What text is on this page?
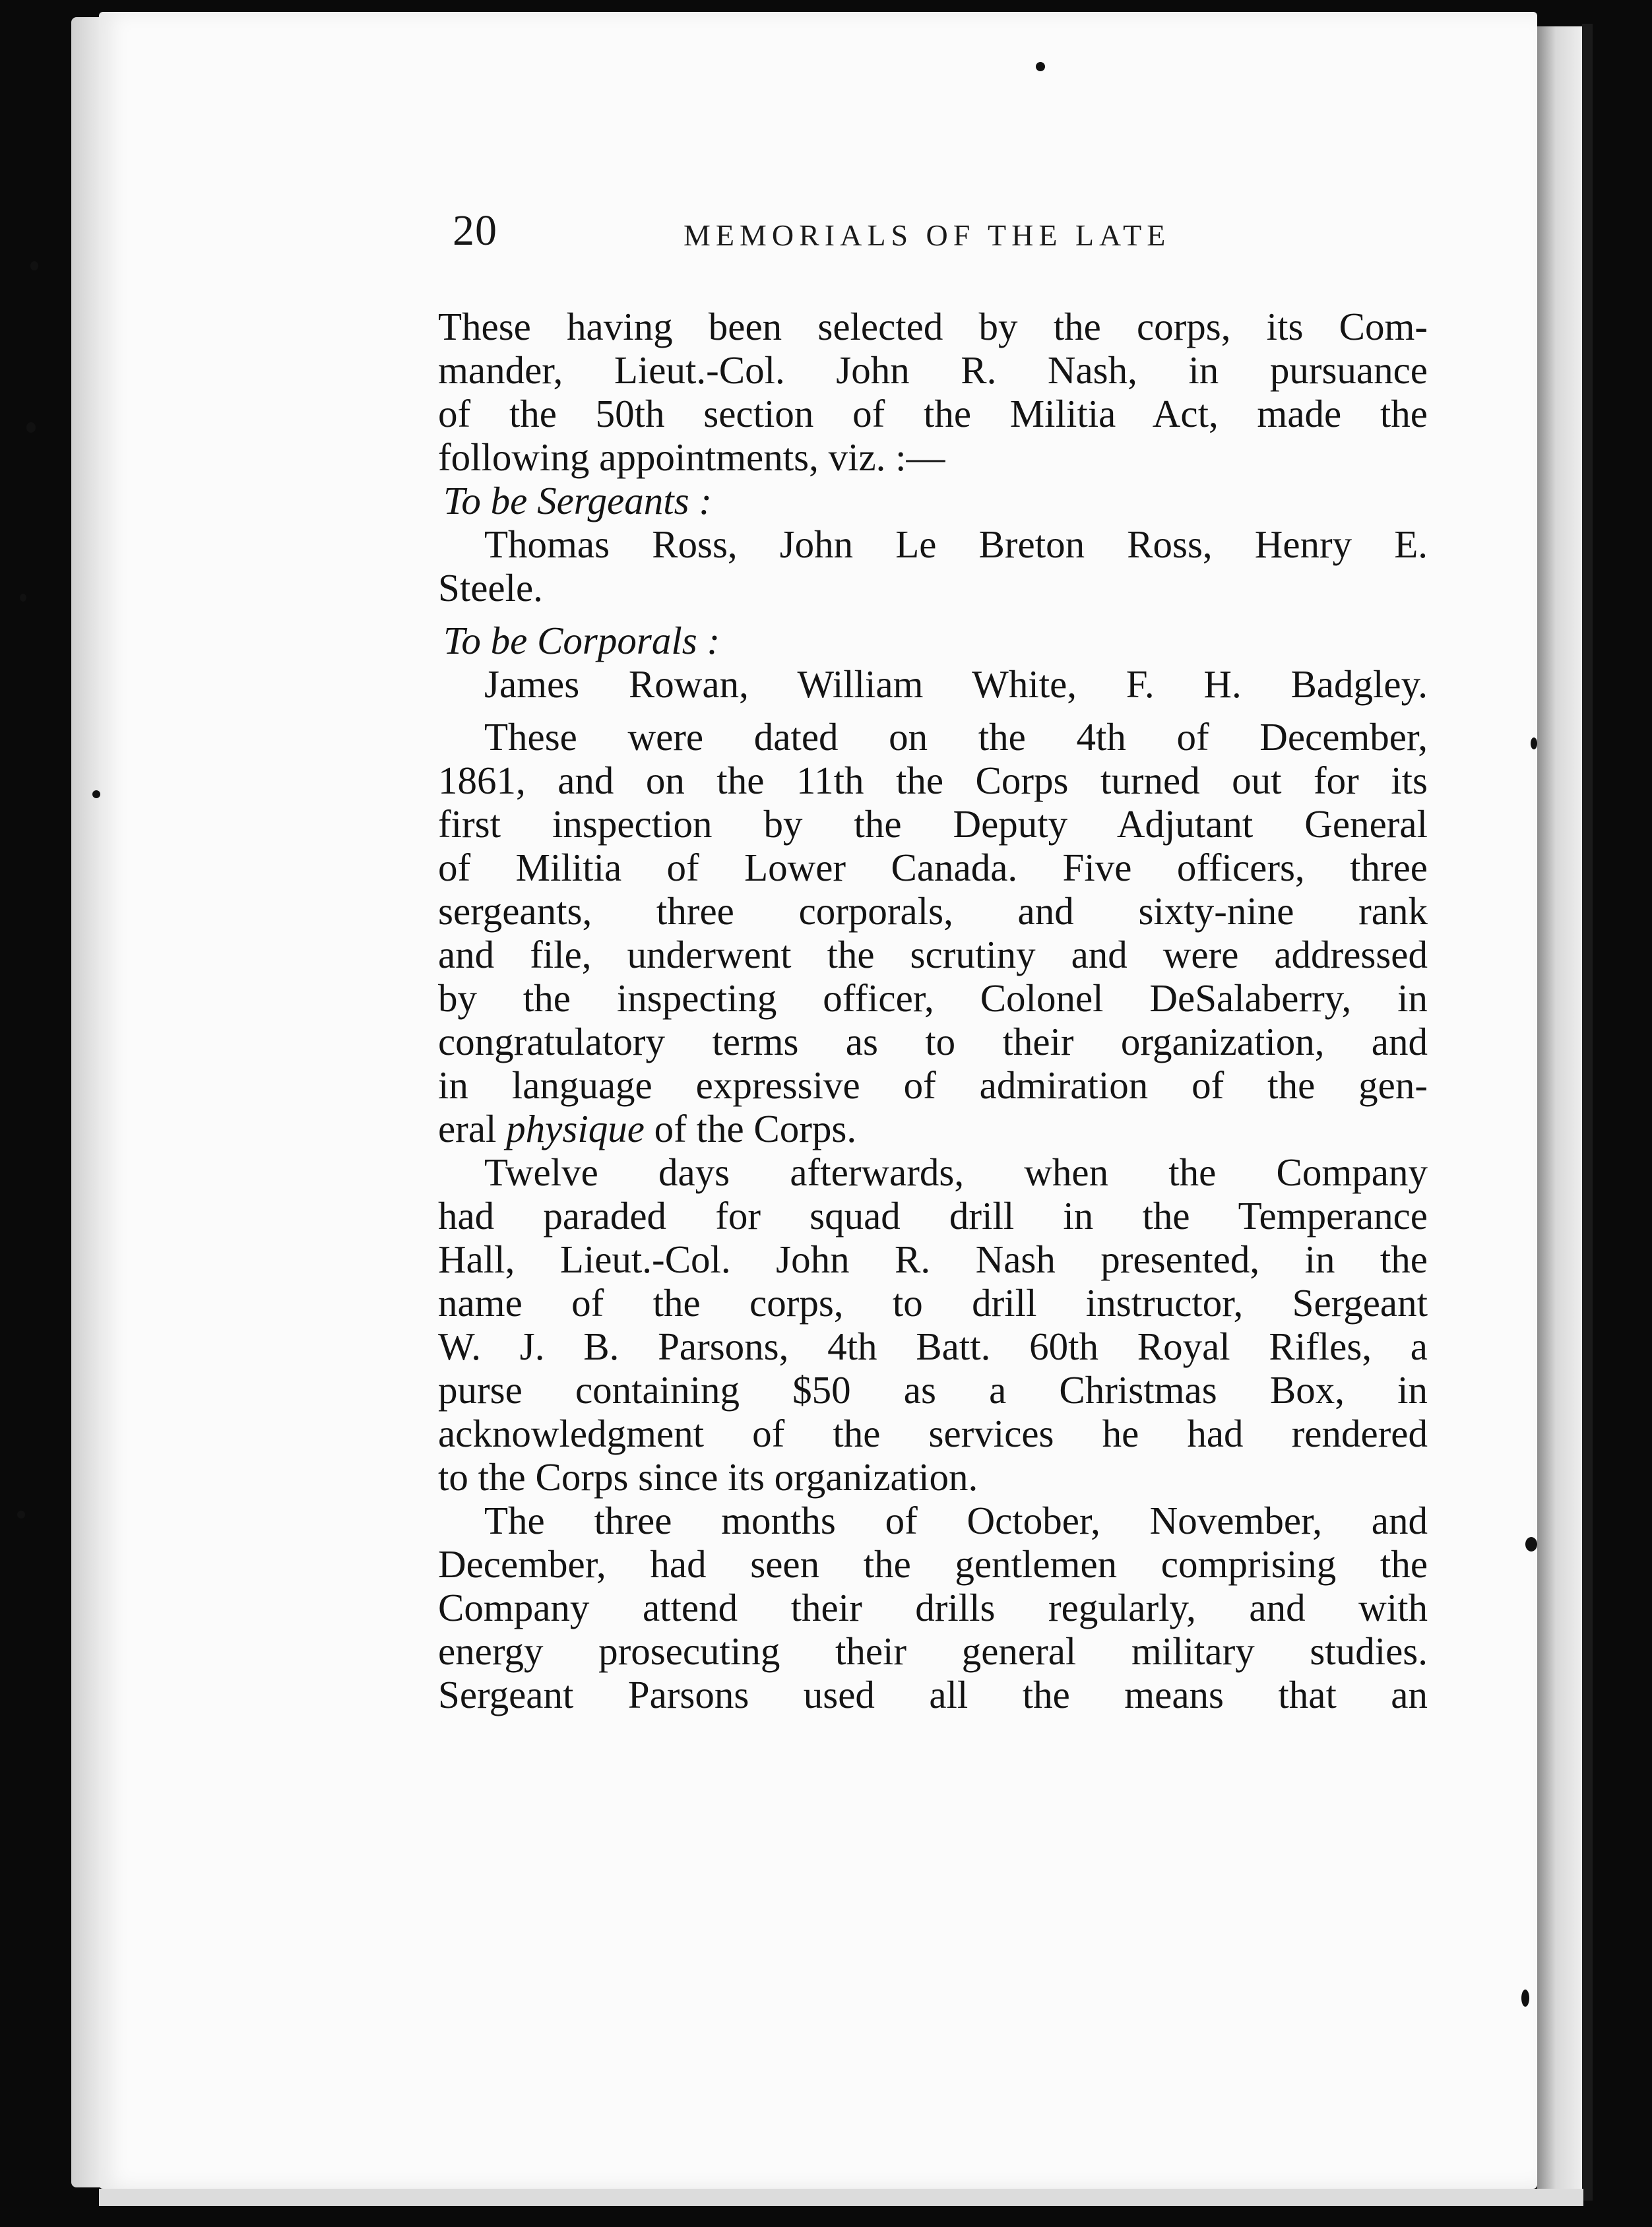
20	MEMORIALS OF THE LATE
These having been selected by the corps, its Com-
mander, Lieut.-Col. John R. Nash, in pursuance
of the 50th section of the Militia Act, made the
following appointments, viz. :—
To be Sergeants :
Thomas Ross, John Le Breton Ross, Henry E.
Steele.
To be Corporals :
James Rowan, William White, F. H. Badgley.
These were dated on the 4th of December,
1861, and on the 11th the Corps turned out for its
first inspection by the Deputy Adjutant General
of Militia of Lower Canada. Five officers, three
sergeants, three corporals, and sixty-nine rank
and file, underwent the scrutiny and were addressed
by the inspecting officer, Colonel DeSalaberry, in
congratulatory terms as to their organization, and
in language expressive of admiration of the gen-
eral physique of the Corps.
Twelve days afterwards, when the Company
had paraded for squad drill in the Temperance
Hall, Lieut.-Col. John R. Nash presented, in the
name of the corps, to drill instructor, Sergeant
W. J. B. Parsons, 4th Batt. 60th Royal Rifles, a
purse containing $50 as a Christmas Box, in
acknowledgment of the services he had rendered
to the Corps since its organization.
The three months of October, November, and
December, had seen the gentlemen comprising the
Company attend their drills regularly, and with
energy prosecuting their general military studies.
Sergeant Parsons used all the means that an
